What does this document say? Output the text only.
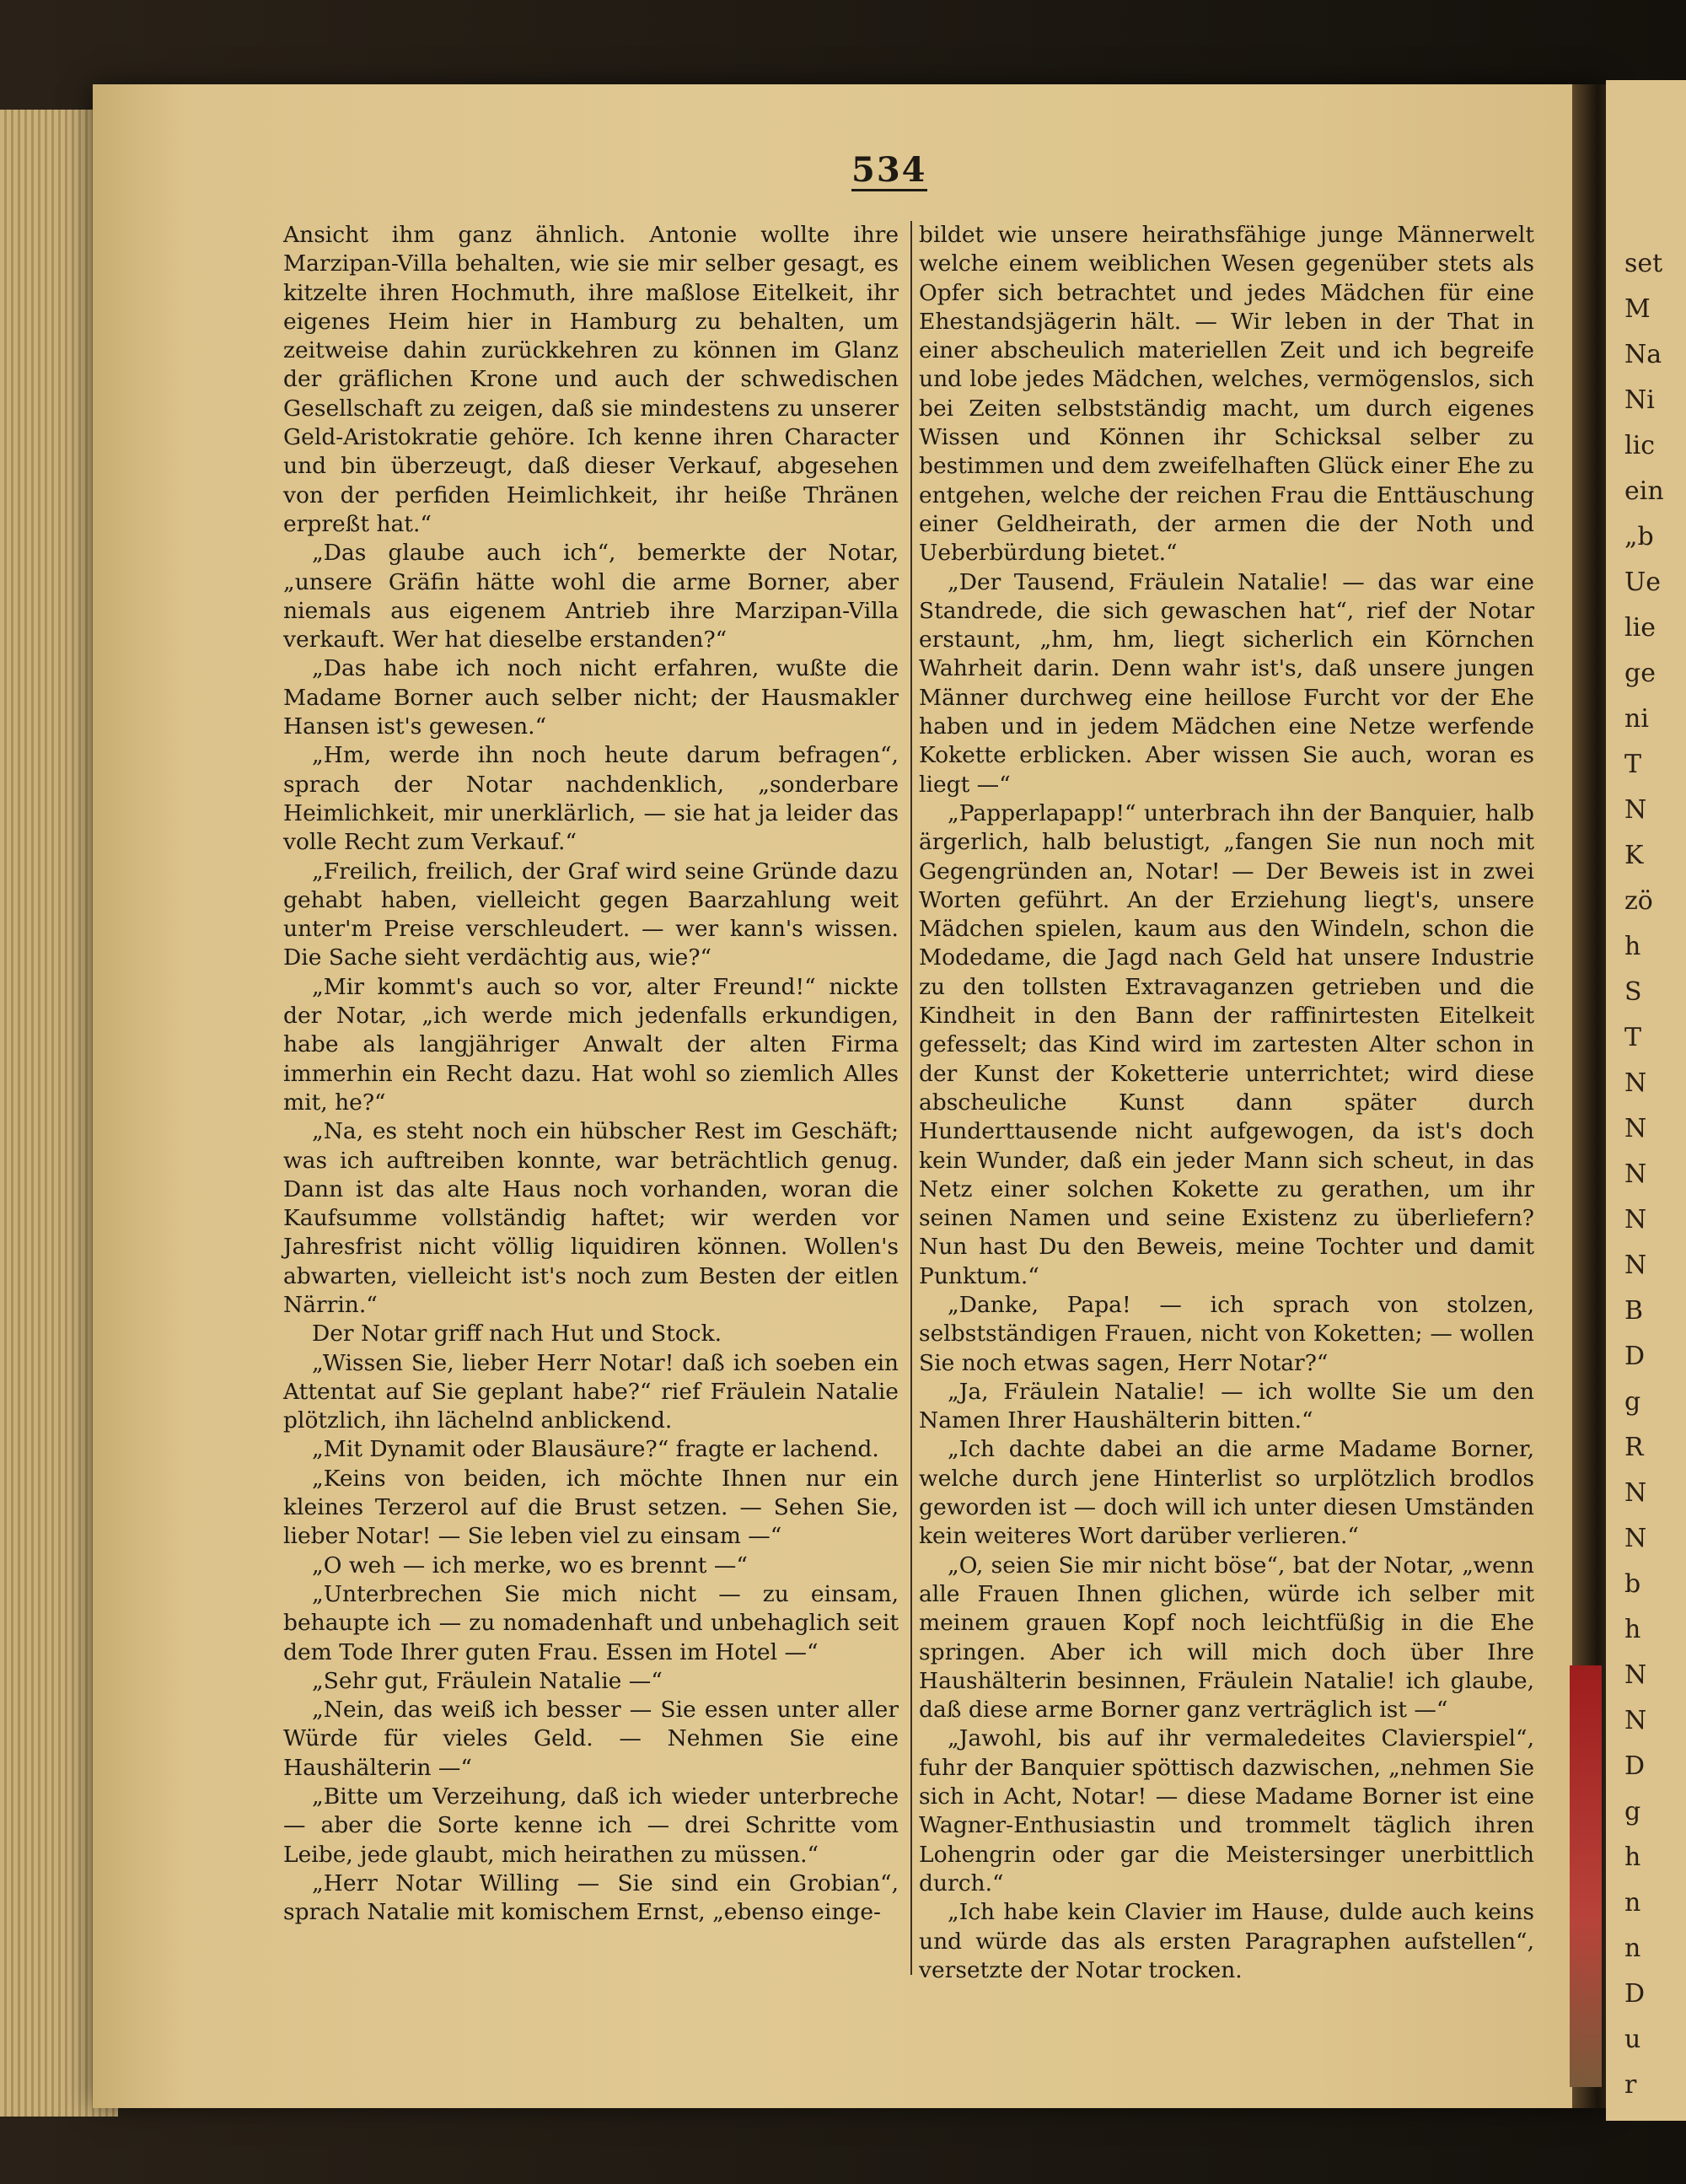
set
M
Na
Ni
lic
ein
„b
Ue
lie
ge
ni
T
N
K
zö
h
S
T
N
N
N
N
N
B
D
g
R
N
N
b
h
N
N
D
g
h
n
n
D
u
r
534

Ansicht ihm ganz ähnlich. Antonie wollte ihre Marzipan-Villa behalten, wie sie mir selber gesagt, es kitzelte ihren Hochmuth, ihre maßlose Eitelkeit, ihr eigenes Heim hier in Hamburg zu behalten, um zeitweise dahin zurückkehren zu können im Glanz der gräflichen Krone und auch der schwedischen Gesellschaft zu zeigen, daß sie mindestens zu unserer Geld-Aristokratie gehöre. Ich kenne ihren Character und bin überzeugt, daß dieser Verkauf, abgesehen von der perfiden Heimlichkeit, ihr heiße Thränen erpreßt hat.“

„Das glaube auch ich“, bemerkte der Notar, „unsere Gräfin hätte wohl die arme Borner, aber niemals aus eigenem Antrieb ihre Marzipan-Villa verkauft. Wer hat dieselbe erstanden?“

„Das habe ich noch nicht erfahren, wußte die Madame Borner auch selber nicht; der Hausmakler Hansen ist's gewesen.“

„Hm, werde ihn noch heute darum befragen“, sprach der Notar nachdenklich, „sonderbare Heimlichkeit, mir unerklärlich, — sie hat ja leider das volle Recht zum Verkauf.“

„Freilich, freilich, der Graf wird seine Gründe dazu gehabt haben, vielleicht gegen Baarzahlung weit unter'm Preise verschleudert. — wer kann's wissen. Die Sache sieht verdächtig aus, wie?“

„Mir kommt's auch so vor, alter Freund!“ nickte der Notar, „ich werde mich jedenfalls erkundigen, habe als langjähriger Anwalt der alten Firma immerhin ein Recht dazu. Hat wohl so ziemlich Alles mit, he?“

„Na, es steht noch ein hübscher Rest im Geschäft; was ich auftreiben konnte, war beträchtlich genug. Dann ist das alte Haus noch vorhanden, woran die Kaufsumme vollständig haftet; wir werden vor Jahresfrist nicht völlig liquidiren können. Wollen's abwarten, vielleicht ist's noch zum Besten der eitlen Närrin.“

Der Notar griff nach Hut und Stock.

„Wissen Sie, lieber Herr Notar! daß ich soeben ein Attentat auf Sie geplant habe?“ rief Fräulein Natalie plötzlich, ihn lächelnd anblickend.

„Mit Dynamit oder Blausäure?“ fragte er lachend.

„Keins von beiden, ich möchte Ihnen nur ein kleines Terzerol auf die Brust setzen. — Sehen Sie, lieber Notar! — Sie leben viel zu einsam —“

„O weh — ich merke, wo es brennt —“

„Unterbrechen Sie mich nicht — zu einsam, behaupte ich — zu nomadenhaft und unbehaglich seit dem Tode Ihrer guten Frau. Essen im Hotel —“

„Sehr gut, Fräulein Natalie —“

„Nein, das weiß ich besser — Sie essen unter aller Würde für vieles Geld. — Nehmen Sie eine Haushälterin —“

„Bitte um Verzeihung, daß ich wieder unterbreche — aber die Sorte kenne ich — drei Schritte vom Leibe, jede glaubt, mich heirathen zu müssen.“

„Herr Notar Willing — Sie sind ein Grobian“, sprach Natalie mit komischem Ernst, „ebenso einge-

bildet wie unsere heirathsfähige junge Männerwelt welche einem weiblichen Wesen gegenüber stets als Opfer sich betrachtet und jedes Mädchen für eine Ehestandsjägerin hält. — Wir leben in der That in einer abscheulich materiellen Zeit und ich begreife und lobe jedes Mädchen, welches, vermögenslos, sich bei Zeiten selbstständig macht, um durch eigenes Wissen und Können ihr Schicksal selber zu bestimmen und dem zweifelhaften Glück einer Ehe zu entgehen, welche der reichen Frau die Enttäuschung einer Geldheirath, der armen die der Noth und Ueberbürdung bietet.“

„Der Tausend, Fräulein Natalie! — das war eine Standrede, die sich gewaschen hat“, rief der Notar erstaunt, „hm, hm, liegt sicherlich ein Körnchen Wahrheit darin. Denn wahr ist's, daß unsere jungen Männer durchweg eine heillose Furcht vor der Ehe haben und in jedem Mädchen eine Netze werfende Kokette erblicken. Aber wissen Sie auch, woran es liegt —“

„Papperlapapp!“ unterbrach ihn der Banquier, halb ärgerlich, halb belustigt, „fangen Sie nun noch mit Gegengründen an, Notar! — Der Beweis ist in zwei Worten geführt. An der Erziehung liegt's, unsere Mädchen spielen, kaum aus den Windeln, schon die Modedame, die Jagd nach Geld hat unsere Industrie zu den tollsten Extravaganzen getrieben und die Kindheit in den Bann der raffinirtesten Eitelkeit gefesselt; das Kind wird im zartesten Alter schon in der Kunst der Koketterie unterrichtet; wird diese abscheuliche Kunst dann später durch Hunderttausende nicht aufgewogen, da ist's doch kein Wunder, daß ein jeder Mann sich scheut, in das Netz einer solchen Kokette zu gerathen, um ihr seinen Namen und seine Existenz zu überliefern? Nun hast Du den Beweis, meine Tochter und damit Punktum.“

„Danke, Papa! — ich sprach von stolzen, selbstständigen Frauen, nicht von Koketten; — wollen Sie noch etwas sagen, Herr Notar?“

„Ja, Fräulein Natalie! — ich wollte Sie um den Namen Ihrer Haushälterin bitten.“

„Ich dachte dabei an die arme Madame Borner, welche durch jene Hinterlist so urplötzlich brodlos geworden ist — doch will ich unter diesen Umständen kein weiteres Wort darüber verlieren.“

„O, seien Sie mir nicht böse“, bat der Notar, „wenn alle Frauen Ihnen glichen, würde ich selber mit meinem grauen Kopf noch leichtfüßig in die Ehe springen. Aber ich will mich doch über Ihre Haushälterin besinnen, Fräulein Natalie! ich glaube, daß diese arme Borner ganz verträglich ist —“

„Jawohl, bis auf ihr vermaledeites Clavierspiel“, fuhr der Banquier spöttisch dazwischen, „nehmen Sie sich in Acht, Notar! — diese Madame Borner ist eine Wagner-Enthusiastin und trommelt täglich ihren Lohengrin oder gar die Meistersinger unerbittlich durch.“

„Ich habe kein Clavier im Hause, dulde auch keins und würde das als ersten Paragraphen aufstellen“, versetzte der Notar trocken.
